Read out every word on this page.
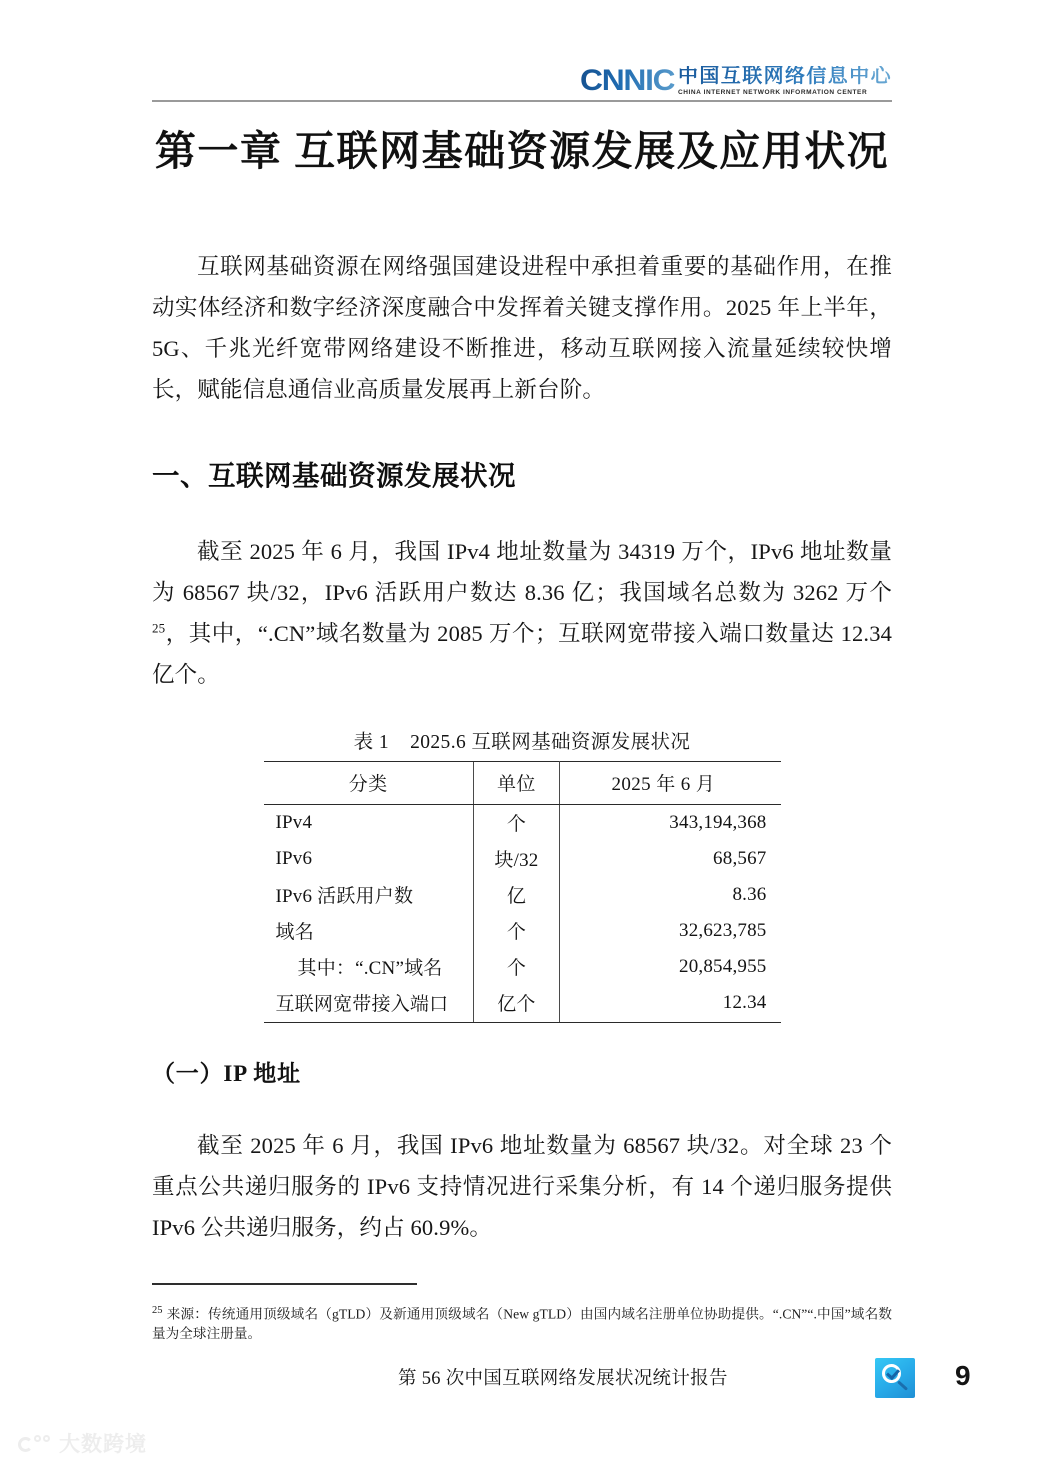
CNNIC 中国互联网络信息中心
CHINA INTERNET NETWORK INFORMATION CENTER
第一章 互联网基础资源发展及应用状况

互联网基础资源在网络强国建设进程中承担着重要的基础作用，在推动实体经济和数字经济深度融合中发挥着关键支撑作用。2025 年上半年，5G、千兆光纤宽带网络建设不断推进，移动互联网接入流量延续较快增长，赋能信息通信业高质量发展再上新台阶。

一、互联网基础资源发展状况

截至 2025 年 6 月，我国 IPv4 地址数量为 34319 万个，IPv6 地址数量为 68567 块/32，IPv6 活跃用户数达 8.36 亿；我国域名总数为 3262 万个$^{25}$，其中，“.CN”域名数量为 2085 万个；互联网宽带接入端口数量达 12.34 亿个。

表 1    2025.6 互联网基础资源发展状况
分类	单位	2025 年 6 月
IPv4	个	343,194,368
IPv6	块/32	68,567
IPv6 活跃用户数	亿	8.36
域名	个	32,623,785
其中：“.CN”域名	个	20,854,955
互联网宽带接入端口	亿个	12.34
（一）IP 地址

截至 2025 年 6 月，我国 IPv6 地址数量为 68567 块/32。对全球 23 个重点公共递归服务的 IPv6 支持情况进行采集分析，有 14 个递归服务提供 IPv6 公共递归服务，约占 60.9%。

$^{25}$ 来源：传统通用顶级域名（gTLD）及新通用顶级域名（New gTLD）由国内域名注册单位协助提供。“.CN”“.中国”域名数量为全球注册量。
第 56 次中国互联网络发展状况统计报告	9
大数跨境
